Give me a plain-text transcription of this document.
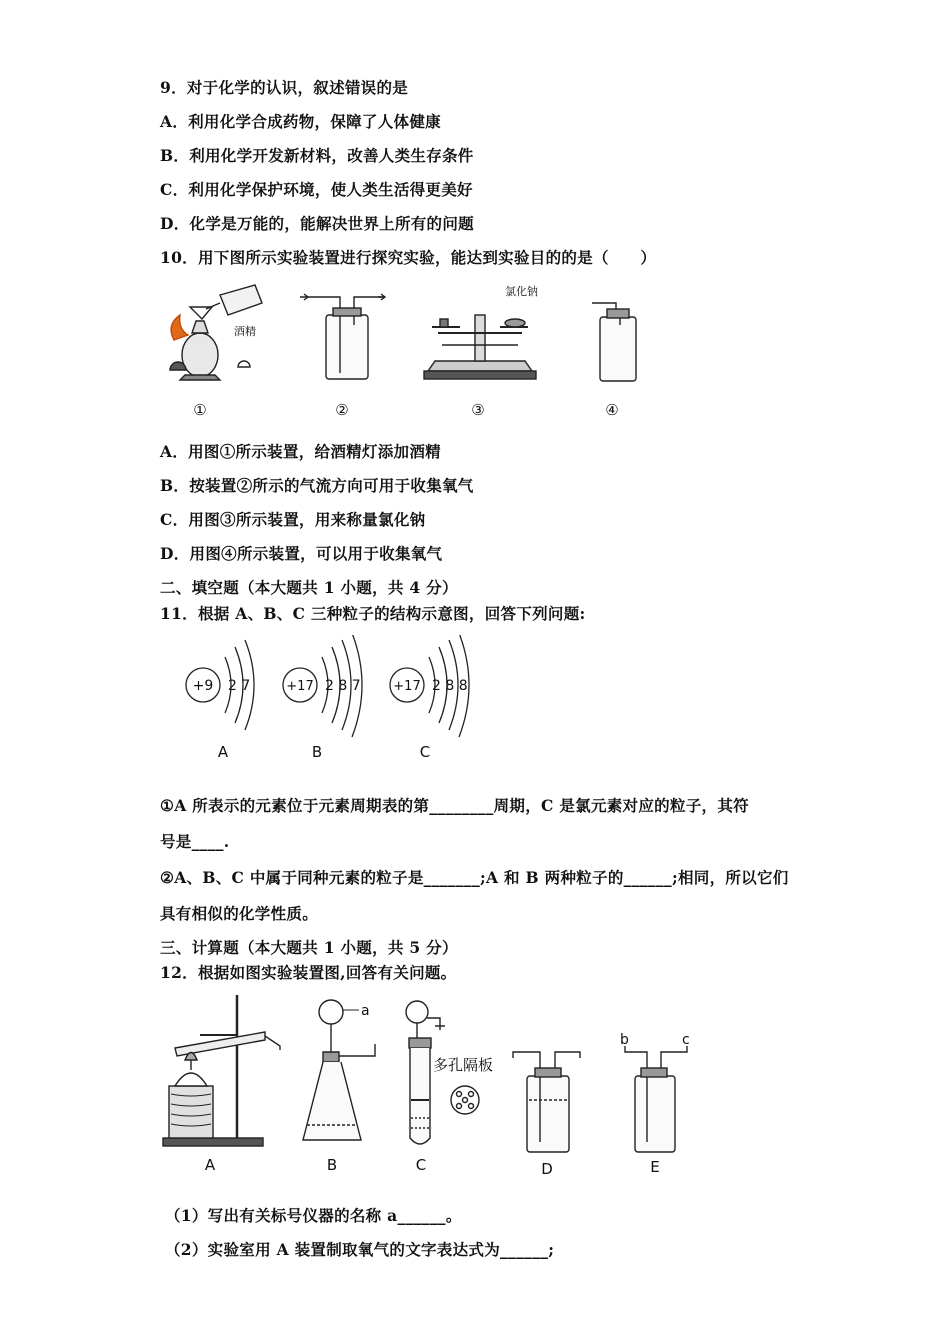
9．对于化学的认识，叙述错误的是
A．利用化学合成药物，保障了人体健康
B．利用化学开发新材料，改善人类生存条件
C．利用化学保护环境，使人类生活得更美好
D．化学是万能的，能解决世界上所有的问题
10．用下图所示实验装置进行探究实验，能达到实验目的的是（　　）
酒精
①	②
氯化钠
③	④
A．用图①所示装置，给酒精灯添加酒精
B．按装置②所示的气流方向可用于收集氧气
C．用图③所示装置，用来称量氯化钠
D．用图④所示装置，可以用于收集氧气
二、填空题（本大题共 1 小题，共 4 分）
11．根据 A、B、C 三种粒子的结构示意图，回答下列问题:
+9 2 7
A
+17 2 8 7
B
+17 2 8 8
C
①A 所表示的元素位于元素周期表的第________周期，C 是氯元素对应的粒子，其符
号是____.
②A、B、C 中属于同种元素的粒子是_______;A 和 B 两种粒子的______;相同，所以它们
具有相似的化学性质。
三、计算题（本大题共 1 小题，共 5 分）
12．根据如图实验装置图,回答有关问题。
A
a
B
多孔隔板
C	D
b	c
E
（1）写出有关标号仪器的名称 a______。
（2）实验室用 A 装置制取氧气的文字表达式为______;
